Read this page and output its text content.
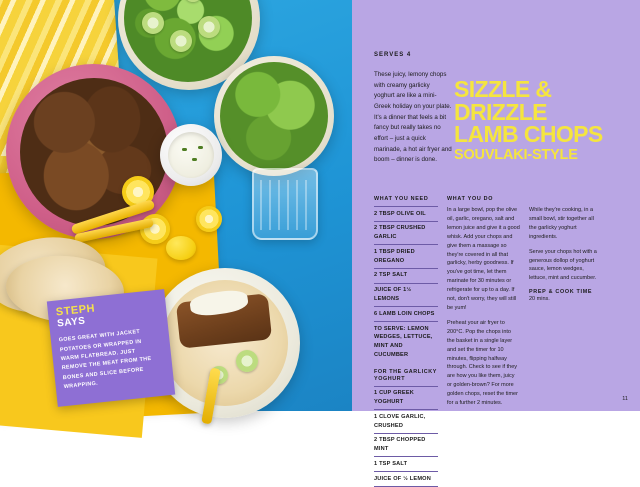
STEPH
SAYS
GOES GREAT WITH JACKET POTATOES OR WRAPPED IN WARM FLATBREAD. JUST REMOVE THE MEAT FROM THE BONES AND SLICE BEFORE WRAPPING.
SERVES 4
These juicy, lemony chops with creamy garlicky yoghurt are like a mini-Greek holiday on your plate. It's a dinner that feels a bit fancy but really takes no effort – just a quick marinade, a hot air fryer and boom – dinner is done.
SIZZLE &
DRIZZLE
LAMB CHOPS
SOUVLAKI-STYLE
WHAT YOU NEED
2 TBSP OLIVE OIL
2 TBSP CRUSHED GARLIC
1 TBSP DRIED OREGANO
2 TSP SALT
JUICE OF 1½ LEMONS
6 LAMB LOIN CHOPS
TO SERVE: LEMON WEDGES, LETTUCE, MINT AND CUCUMBER
FOR THE GARLICKY YOGHURT
1 CUP GREEK YOGHURT
1 CLOVE GARLIC, CRUSHED
2 TBSP CHOPPED MINT
1 TSP SALT
JUICE OF ½ LEMON
WHAT YOU DO

In a large bowl, pop the olive oil, garlic, oregano, salt and lemon juice and give it a good whisk. Add your chops and give them a massage so they're covered in all that garlicky, herby goodness. If you've got time, let them marinate for 30 minutes or refrigerate for up to a day. If not, don't worry, they will still be yum!

Preheat your air fryer to 200°C. Pop the chops into the basket in a single layer and set the timer for 10 minutes, flipping halfway through. Check to see if they are how you like them, juicy or golden-brown? For more golden chops, reset the timer for a further 2 minutes.

While they're cooking, in a small bowl, stir together all the garlicky yoghurt ingredients.

Serve your chops hot with a generous dollop of yoghurt sauce, lemon wedges, lettuce, mint and cucumber.

PREP & COOK TIME
20 mins.
11
